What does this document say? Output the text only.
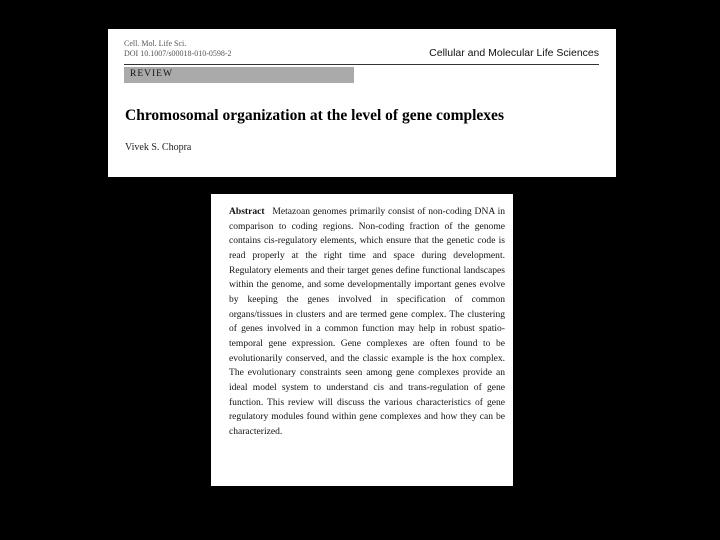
Cell. Mol. Life Sci.
DOI 10.1007/s00018-010-0598-2	Cellular and Molecular Life Sciences
REVIEW
Chromosomal organization at the level of gene complexes
Vivek S. Chopra
Abstract Metazoan genomes primarily consist of non-coding DNA in comparison to coding regions. Non-coding fraction of the genome contains cis-regulatory elements, which ensure that the genetic code is read properly at the right time and space during development. Regulatory elements and their target genes define functional landscapes within the genome, and some developmentally important genes evolve by keeping the genes involved in specification of common organs/tissues in clusters and are termed gene complex. The clustering of genes involved in a common function may help in robust spatio-temporal gene expression. Gene complexes are often found to be evolutionarily conserved, and the classic example is the hox complex. The evolutionary constraints seen among gene complexes provide an ideal model system to understand cis and trans-regulation of gene function. This review will discuss the various characteristics of gene regulatory modules found within gene complexes and how they can be characterized.
